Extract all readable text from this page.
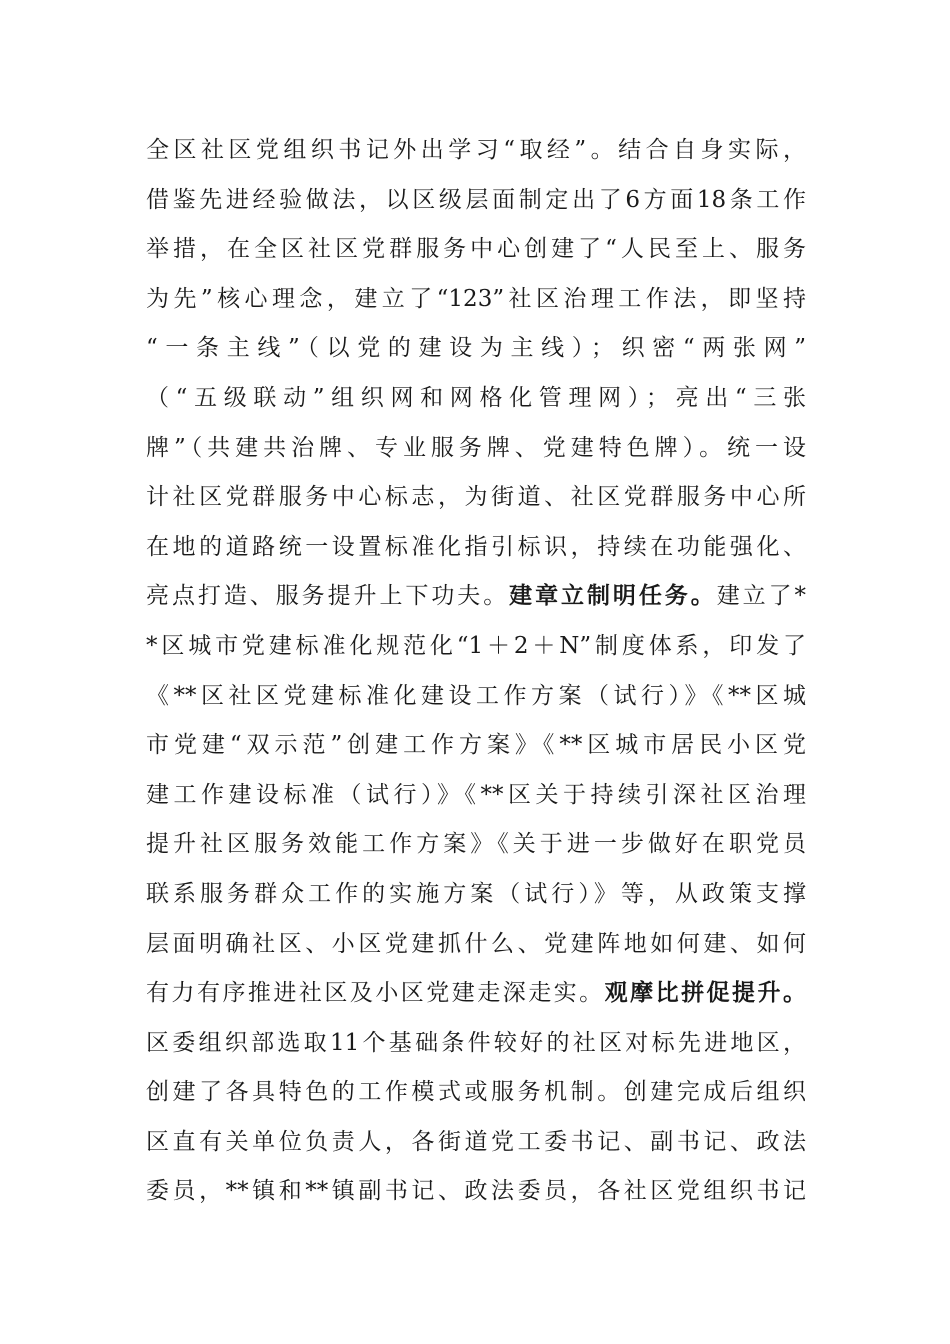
全区社区党组织书记外出学习“取经”。结合自身实际，
借鉴先进经验做法，以区级层面制定出了6方面18条工作
举措，在全区社区党群服务中心创建了“人民至上、服务
为先”核心理念，建立了“123”社区治理工作法，即坚持
“一条主线”（以党的建设为主线）；织密“两张网”
（“五级联动”组织网和网格化管理网）；亮出“三张
牌”（共建共治牌、专业服务牌、党建特色牌）。统一设
计社区党群服务中心标志，为街道、社区党群服务中心所
在地的道路统一设置标准化指引标识，持续在功能强化、
亮点打造、服务提升上下功夫。建章立制明任务。建立了*
*区城市党建标准化规范化“1＋2＋N”制度体系，印发了
《**区社区党建标准化建设工作方案（试行）》《**区城
市党建“双示范”创建工作方案》《**区城市居民小区党
建工作建设标准（试行）》《**区关于持续引深社区治理
提升社区服务效能工作方案》《关于进一步做好在职党员
联系服务群众工作的实施方案（试行）》等，从政策支撑
层面明确社区、小区党建抓什么、党建阵地如何建、如何
有力有序推进社区及小区党建走深走实。观摩比拼促提升。
区委组织部选取11个基础条件较好的社区对标先进地区，
创建了各具特色的工作模式或服务机制。创建完成后组织
区直有关单位负责人，各街道党工委书记、副书记、政法
委员，**镇和**镇副书记、政法委员，各社区党组织书记
